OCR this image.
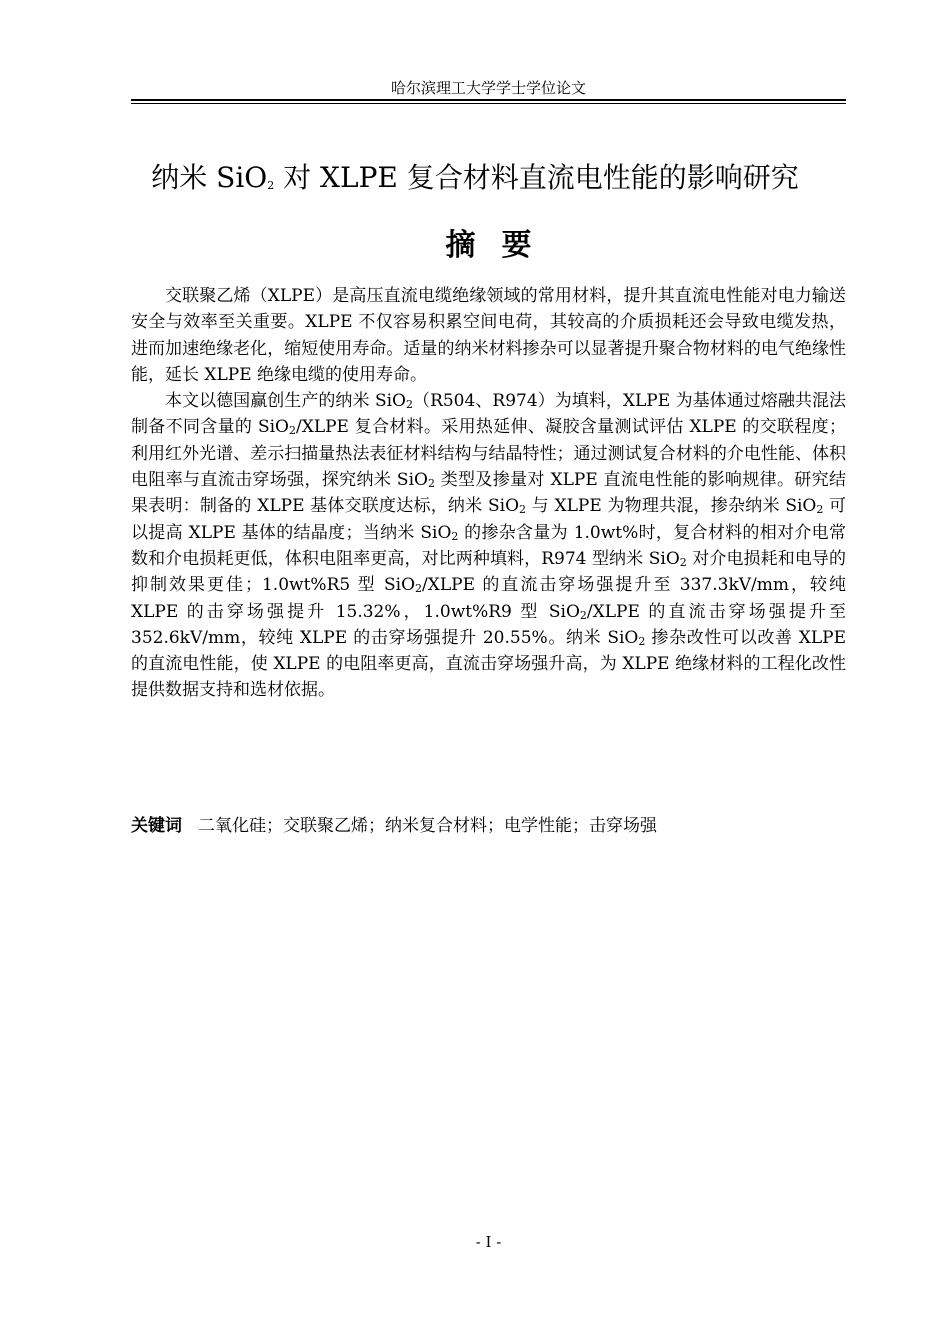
哈尔滨理工大学学士学位论文
纳米 SiO$_2$ 对 XLPE 复合材料直流电性能的影响研究
摘 要

交联聚乙烯（XLPE）是高压直流电缆绝缘领域的常用材料，提升其直流电性能对电力输送安全与效率至关重要。XLPE 不仅容易积累空间电荷，其较高的介质损耗还会导致电缆发热，进而加速绝缘老化，缩短使用寿命。适量的纳米材料掺杂可以显著提升聚合物材料的电气绝缘性能，延长 XLPE 绝缘电缆的使用寿命。

本文以德国赢创生产的纳米 SiO$_2$（R504、R974）为填料，XLPE 为基体通过熔融共混法制备不同含量的 SiO$_2$/XLPE 复合材料。采用热延伸、凝胶含量测试评估 XLPE 的交联程度；利用红外光谱、差示扫描量热法表征材料结构与结晶特性；通过测试复合材料的介电性能、体积电阻率与直流击穿场强，探究纳米 SiO$_2$ 类型及掺量对 XLPE 直流电性能的影响规律。研究结果表明：制备的 XLPE 基体交联度达标，纳米 SiO$_2$ 与 XLPE 为物理共混，掺杂纳米 SiO$_2$ 可以提高 XLPE 基体的结晶度；当纳米 SiO$_2$ 的掺杂含量为 1.0wt%时，复合材料的相对介电常数和介电损耗更低，体积电阻率更高，对比两种填料，R974 型纳米 SiO$_2$ 对介电损耗和电导的抑制效果更佳；1.0wt%R5 型 SiO$_2$/XLPE 的直流击穿场强提升至 337.3kV/mm，较纯 XLPE 的击穿场强提升 15.32%，1.0wt%R9 型 SiO$_2$/XLPE 的直流击穿场强提升至 352.6kV/mm，较纯 XLPE 的击穿场强提升 20.55%。纳米 SiO$_2$ 掺杂改性可以改善 XLPE 的直流电性能，使 XLPE 的电阻率更高，直流击穿场强升高，为 XLPE 绝缘材料的工程化改性提供数据支持和选材依据。

关键词 二氧化硅；交联聚乙烯；纳米复合材料；电学性能；击穿场强
- I -
